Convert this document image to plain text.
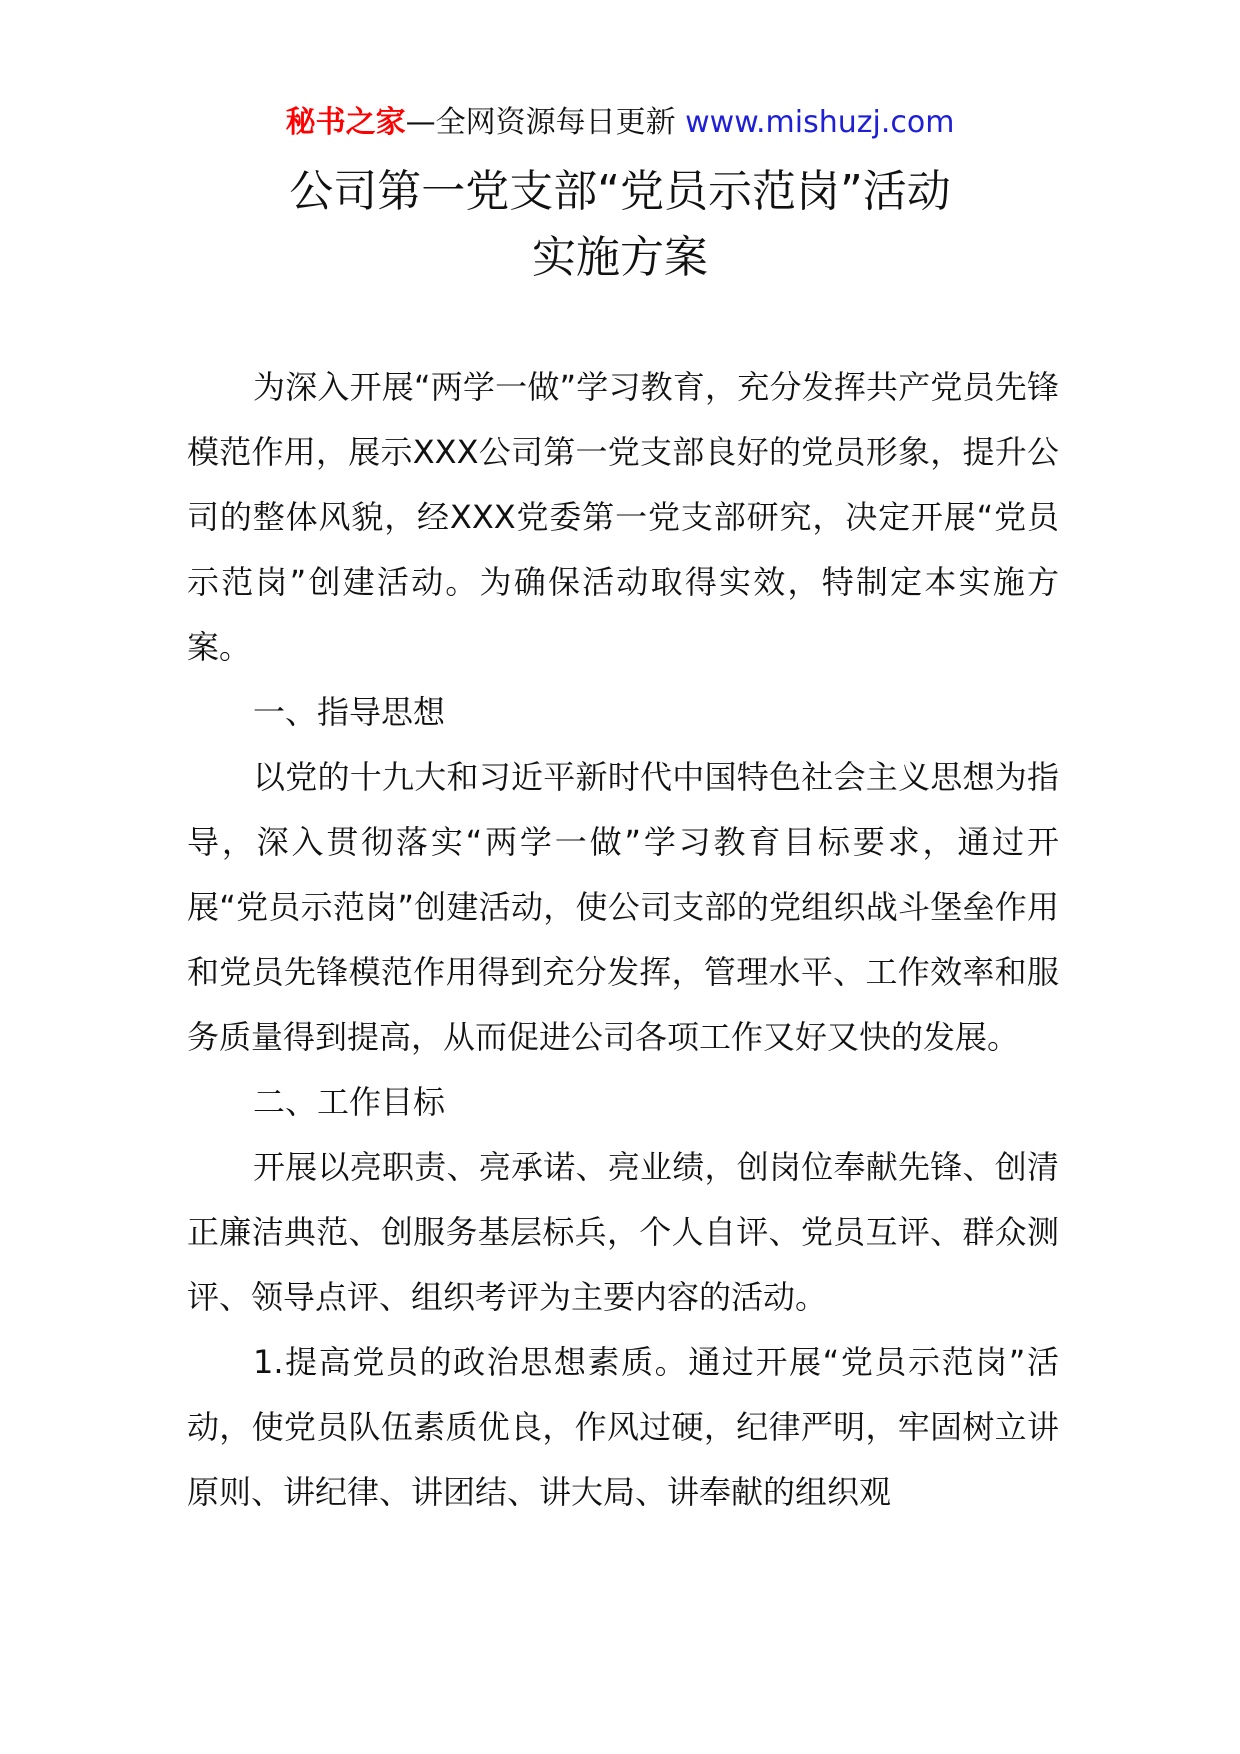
秘书之家—全网资源每日更新 www.mishuzj.com
公司第一党支部“党员示范岗”活动
实施方案

为深入开展“两学一做”学习教育，充分发挥共产党员先锋模范作用，展示XXX公司第一党支部良好的党员形象，提升公司的整体风貌，经XXX党委第一党支部研究，决定开展“党员示范岗”创建活动。为确保活动取得实效，特制定本实施方案。

一、指导思想

以党的十九大和习近平新时代中国特色社会主义思想为指导，深入贯彻落实“两学一做”学习教育目标要求，通过开展“党员示范岗”创建活动，使公司支部的党组织战斗堡垒作用和党员先锋模范作用得到充分发挥，管理水平、工作效率和服务质量得到提高，从而促进公司各项工作又好又快的发展。

二、工作目标

开展以亮职责、亮承诺、亮业绩，创岗位奉献先锋、创清正廉洁典范、创服务基层标兵，个人自评、党员互评、群众测评、领导点评、组织考评为主要内容的活动。

1.提高党员的政治思想素质。通过开展“党员示范岗”活动，使党员队伍素质优良，作风过硬，纪律严明，牢固树立讲原则、讲纪律、讲团结、讲大局、讲奉献的组织观
